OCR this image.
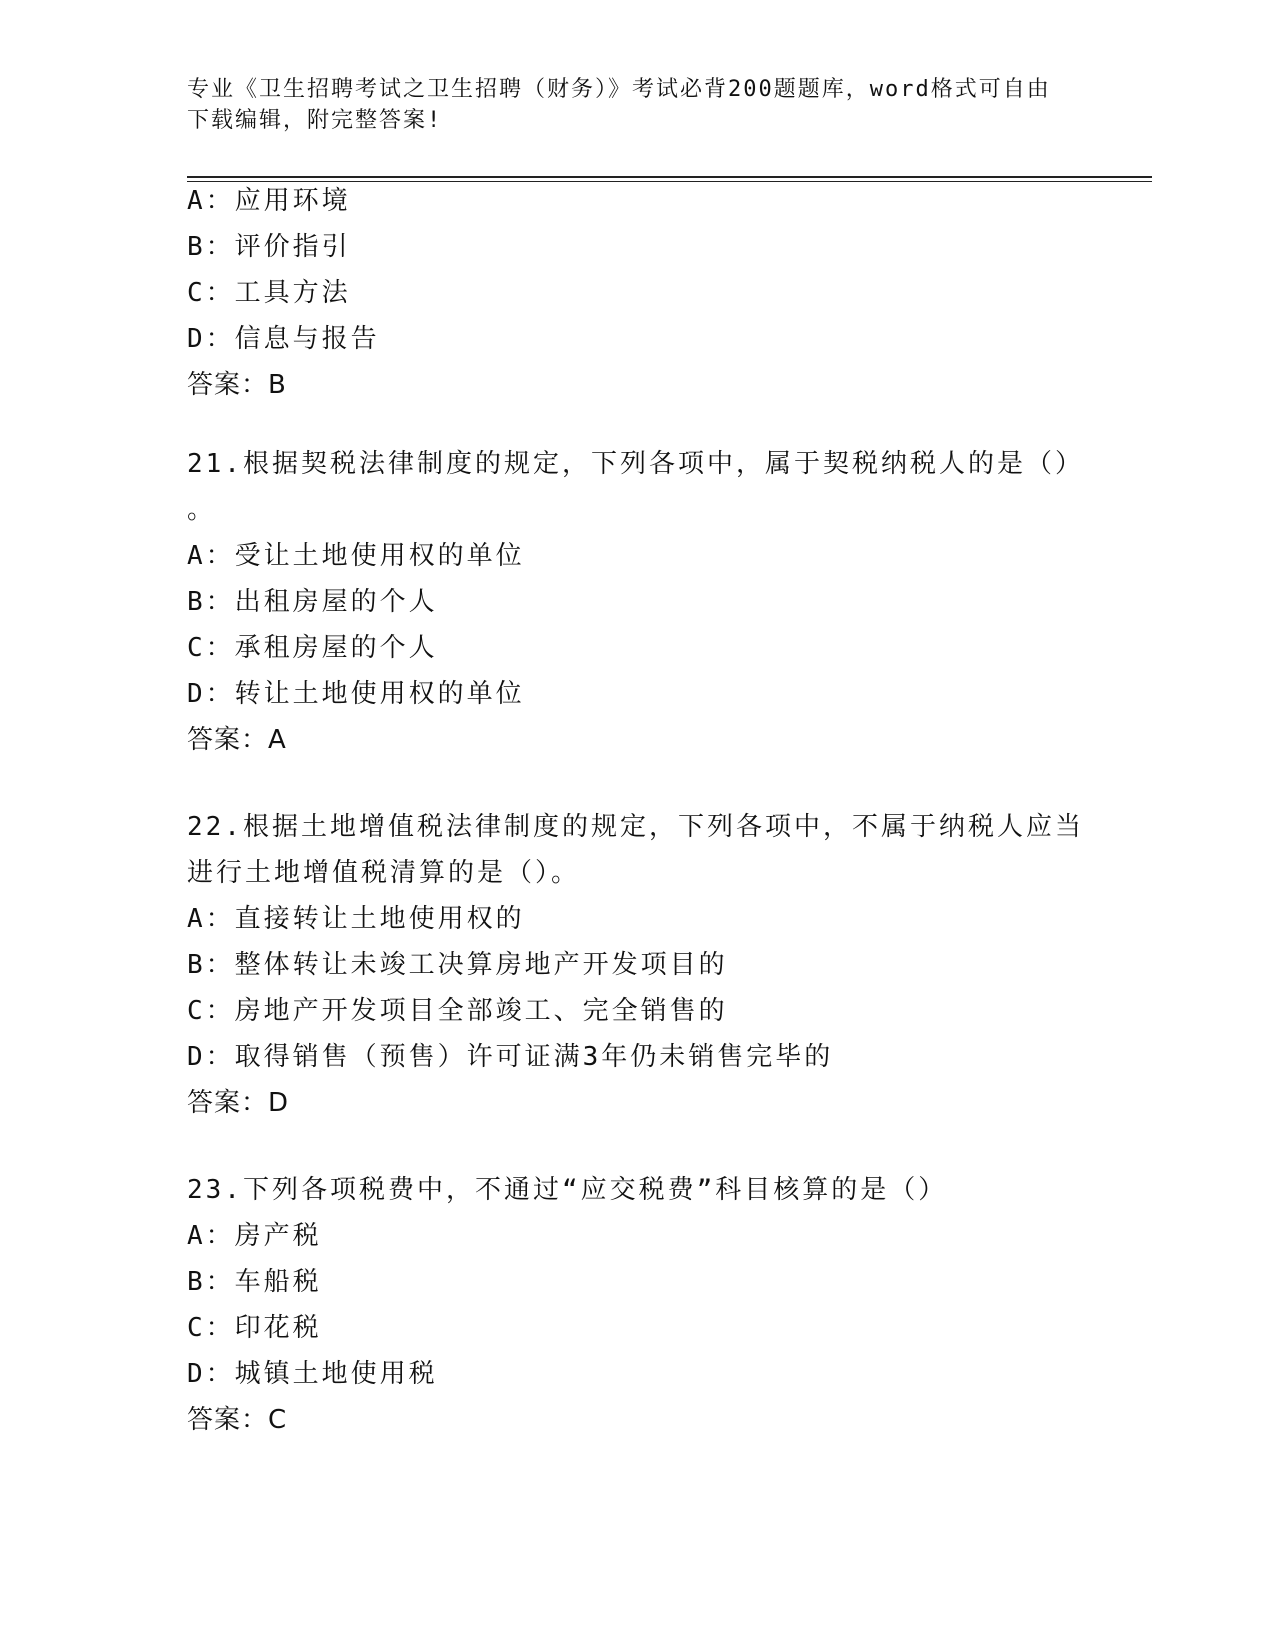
专业《卫生招聘考试之卫生招聘（财务）》考试必背200题题库，word格式可自由下载编辑，附完整答案!
A：应用环境
B：评价指引
C：工具方法
D：信息与报告
答案：B
21.根据契税法律制度的规定，下列各项中，属于契税纳税人的是（）
。
A：受让土地使用权的单位
B：出租房屋的个人
C：承租房屋的个人
D：转让土地使用权的单位
答案：A
22.根据土地增值税法律制度的规定，下列各项中，不属于纳税人应当
进行土地增值税清算的是（）。
A：直接转让土地使用权的
B：整体转让未竣工决算房地产开发项目的
C：房地产开发项目全部竣工、完全销售的
D：取得销售（预售）许可证满3年仍未销售完毕的
答案：D
23.下列各项税费中，不通过“应交税费”科目核算的是（）
A：房产税
B：车船税
C：印花税
D：城镇土地使用税
答案：C
